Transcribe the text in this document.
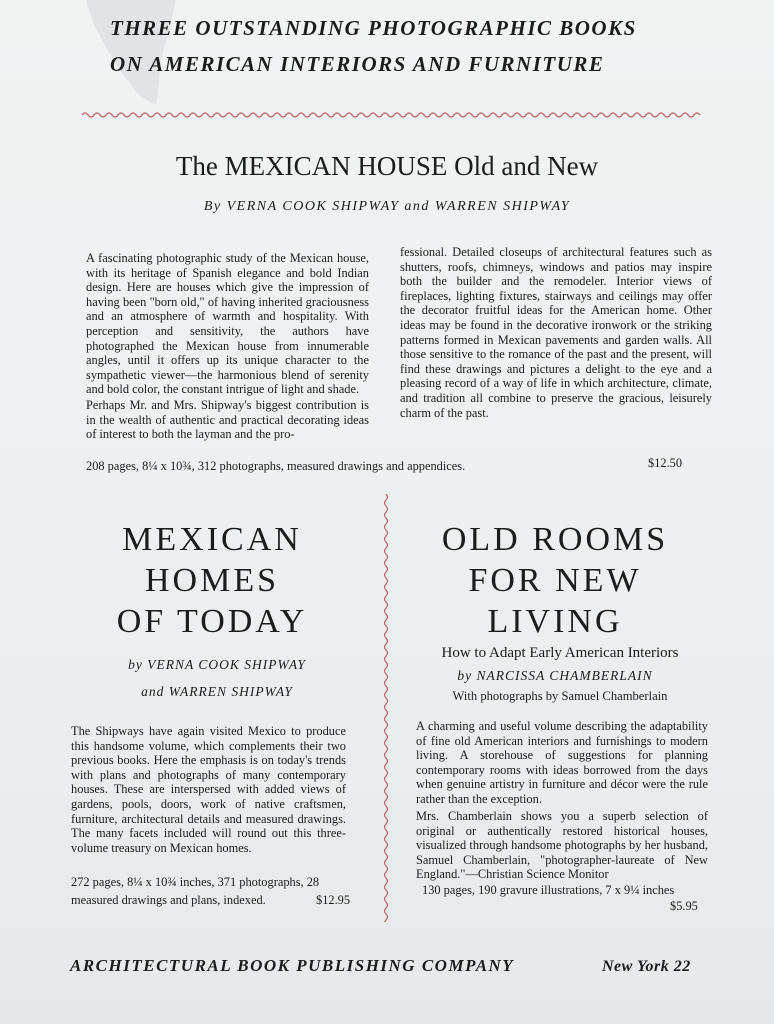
THREE OUTSTANDING PHOTOGRAPHIC BOOKS

ON AMERICAN INTERIORS AND FURNITURE

The MEXICAN HOUSE Old and New

By VERNA COOK SHIPWAY and WARREN SHIPWAY

A fascinating photographic study of the Mexican house, with its heritage of Spanish elegance and bold Indian design. Here are houses which give the impression of having been "born old," of having inherited graciousness and an atmosphere of warmth and hospitality. With perception and sensitivity, the authors have photographed the Mexican house from innumerable angles, until it offers up its unique character to the sympathetic viewer—the harmonious blend of serenity and bold color, the constant intrigue of light and shade.

Perhaps Mr. and Mrs. Shipway's biggest contribution is in the wealth of authentic and practical decorating ideas of interest to both the layman and the pro-

fessional. Detailed closeups of architectural features such as shutters, roofs, chimneys, windows and patios may inspire both the builder and the remodeler. Interior views of fireplaces, lighting fixtures, stairways and ceilings may offer the decorator fruitful ideas for the American home. Other ideas may be found in the decorative ironwork or the striking patterns formed in Mexican pavements and garden walls. All those sensitive to the romance of the past and the present, will find these drawings and pictures a delight to the eye and a pleasing record of a way of life in which architecture, climate, and tradition all combine to preserve the gracious, leisurely charm of the past.

208 pages, 8¼ x 10¾, 312 photographs, measured drawings and appendices.	$12.50

MEXICAN

HOMES

OF TODAY

by VERNA COOK SHIPWAY

and WARREN SHIPWAY

The Shipways have again visited Mexico to produce this handsome volume, which complements their two previous books. Here the emphasis is on today's trends with plans and photographs of many contemporary houses. These are interspersed with added views of gardens, pools, doors, work of native craftsmen, furniture, architectural details and measured drawings. The many facets included will round out this three-volume treasury on Mexican homes.

272 pages, 8¼ x 10¾ inches, 371 photographs, 28

measured drawings and plans, indexed.	$12.95

OLD ROOMS

FOR NEW

LIVING

How to Adapt Early American Interiors

by NARCISSA CHAMBERLAIN

With photographs by Samuel Chamberlain

A charming and useful volume describing the adaptability of fine old American interiors and furnishings to modern living. A storehouse of suggestions for planning contemporary rooms with ideas borrowed from the days when genuine artistry in furniture and décor were the rule rather than the exception.

Mrs. Chamberlain shows you a superb selection of original or authentically restored historical houses, visualized through handsome photographs by her husband, Samuel Chamberlain, "photographer-laureate of New England."—Christian Science Monitor

130 pages, 190 gravure illustrations, 7 x 9¼ inches

$5.95

ARCHITECTURAL BOOK PUBLISHING COMPANY	New York 22
